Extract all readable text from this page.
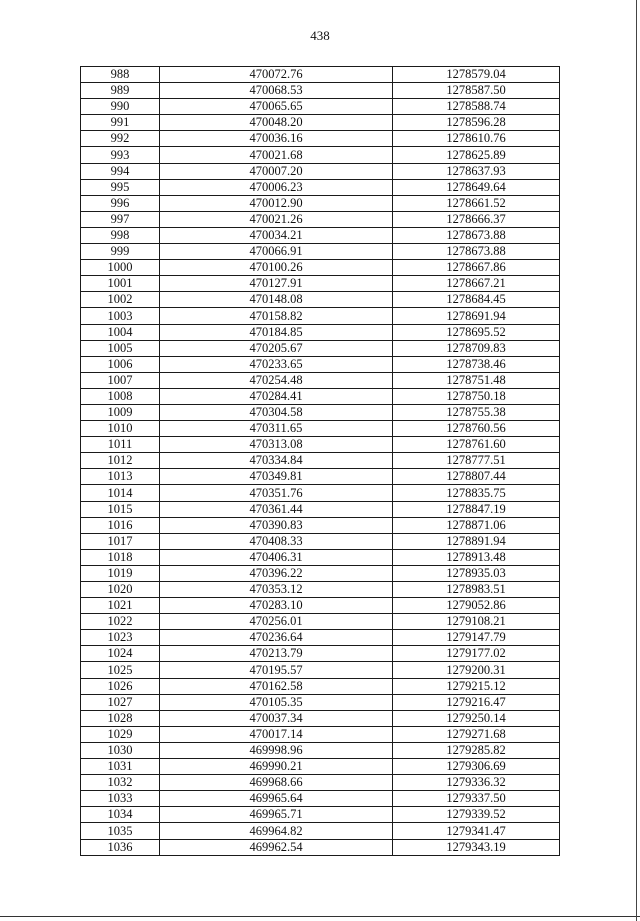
438
988	470072.76	1278579.04
989	470068.53	1278587.50
990	470065.65	1278588.74
991	470048.20	1278596.28
992	470036.16	1278610.76
993	470021.68	1278625.89
994	470007.20	1278637.93
995	470006.23	1278649.64
996	470012.90	1278661.52
997	470021.26	1278666.37
998	470034.21	1278673.88
999	470066.91	1278673.88
1000	470100.26	1278667.86
1001	470127.91	1278667.21
1002	470148.08	1278684.45
1003	470158.82	1278691.94
1004	470184.85	1278695.52
1005	470205.67	1278709.83
1006	470233.65	1278738.46
1007	470254.48	1278751.48
1008	470284.41	1278750.18
1009	470304.58	1278755.38
1010	470311.65	1278760.56
1011	470313.08	1278761.60
1012	470334.84	1278777.51
1013	470349.81	1278807.44
1014	470351.76	1278835.75
1015	470361.44	1278847.19
1016	470390.83	1278871.06
1017	470408.33	1278891.94
1018	470406.31	1278913.48
1019	470396.22	1278935.03
1020	470353.12	1278983.51
1021	470283.10	1279052.86
1022	470256.01	1279108.21
1023	470236.64	1279147.79
1024	470213.79	1279177.02
1025	470195.57	1279200.31
1026	470162.58	1279215.12
1027	470105.35	1279216.47
1028	470037.34	1279250.14
1029	470017.14	1279271.68
1030	469998.96	1279285.82
1031	469990.21	1279306.69
1032	469968.66	1279336.32
1033	469965.64	1279337.50
1034	469965.71	1279339.52
1035	469964.82	1279341.47
1036	469962.54	1279343.19
